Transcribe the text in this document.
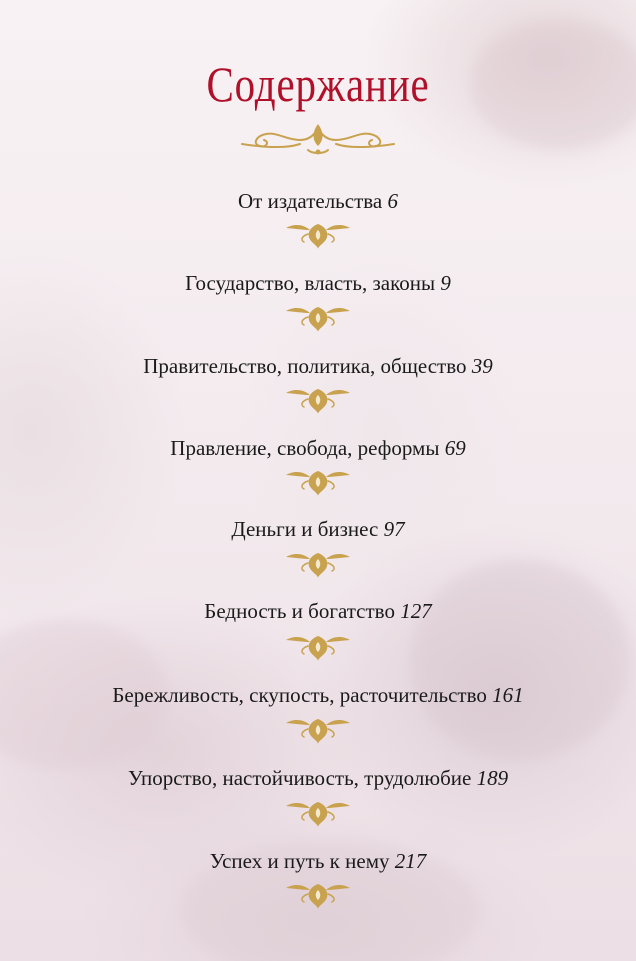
Содержание
От издательства 6
Государство, власть, законы 9
Правительство, политика, общество 39
Правление, свобода, реформы 69
Деньги и бизнес 97
Бедность и богатство 127
Бережливость, скупость, расточительство 161
Упорство, настойчивость, трудолюбие 189
Успех и путь к нему 217
